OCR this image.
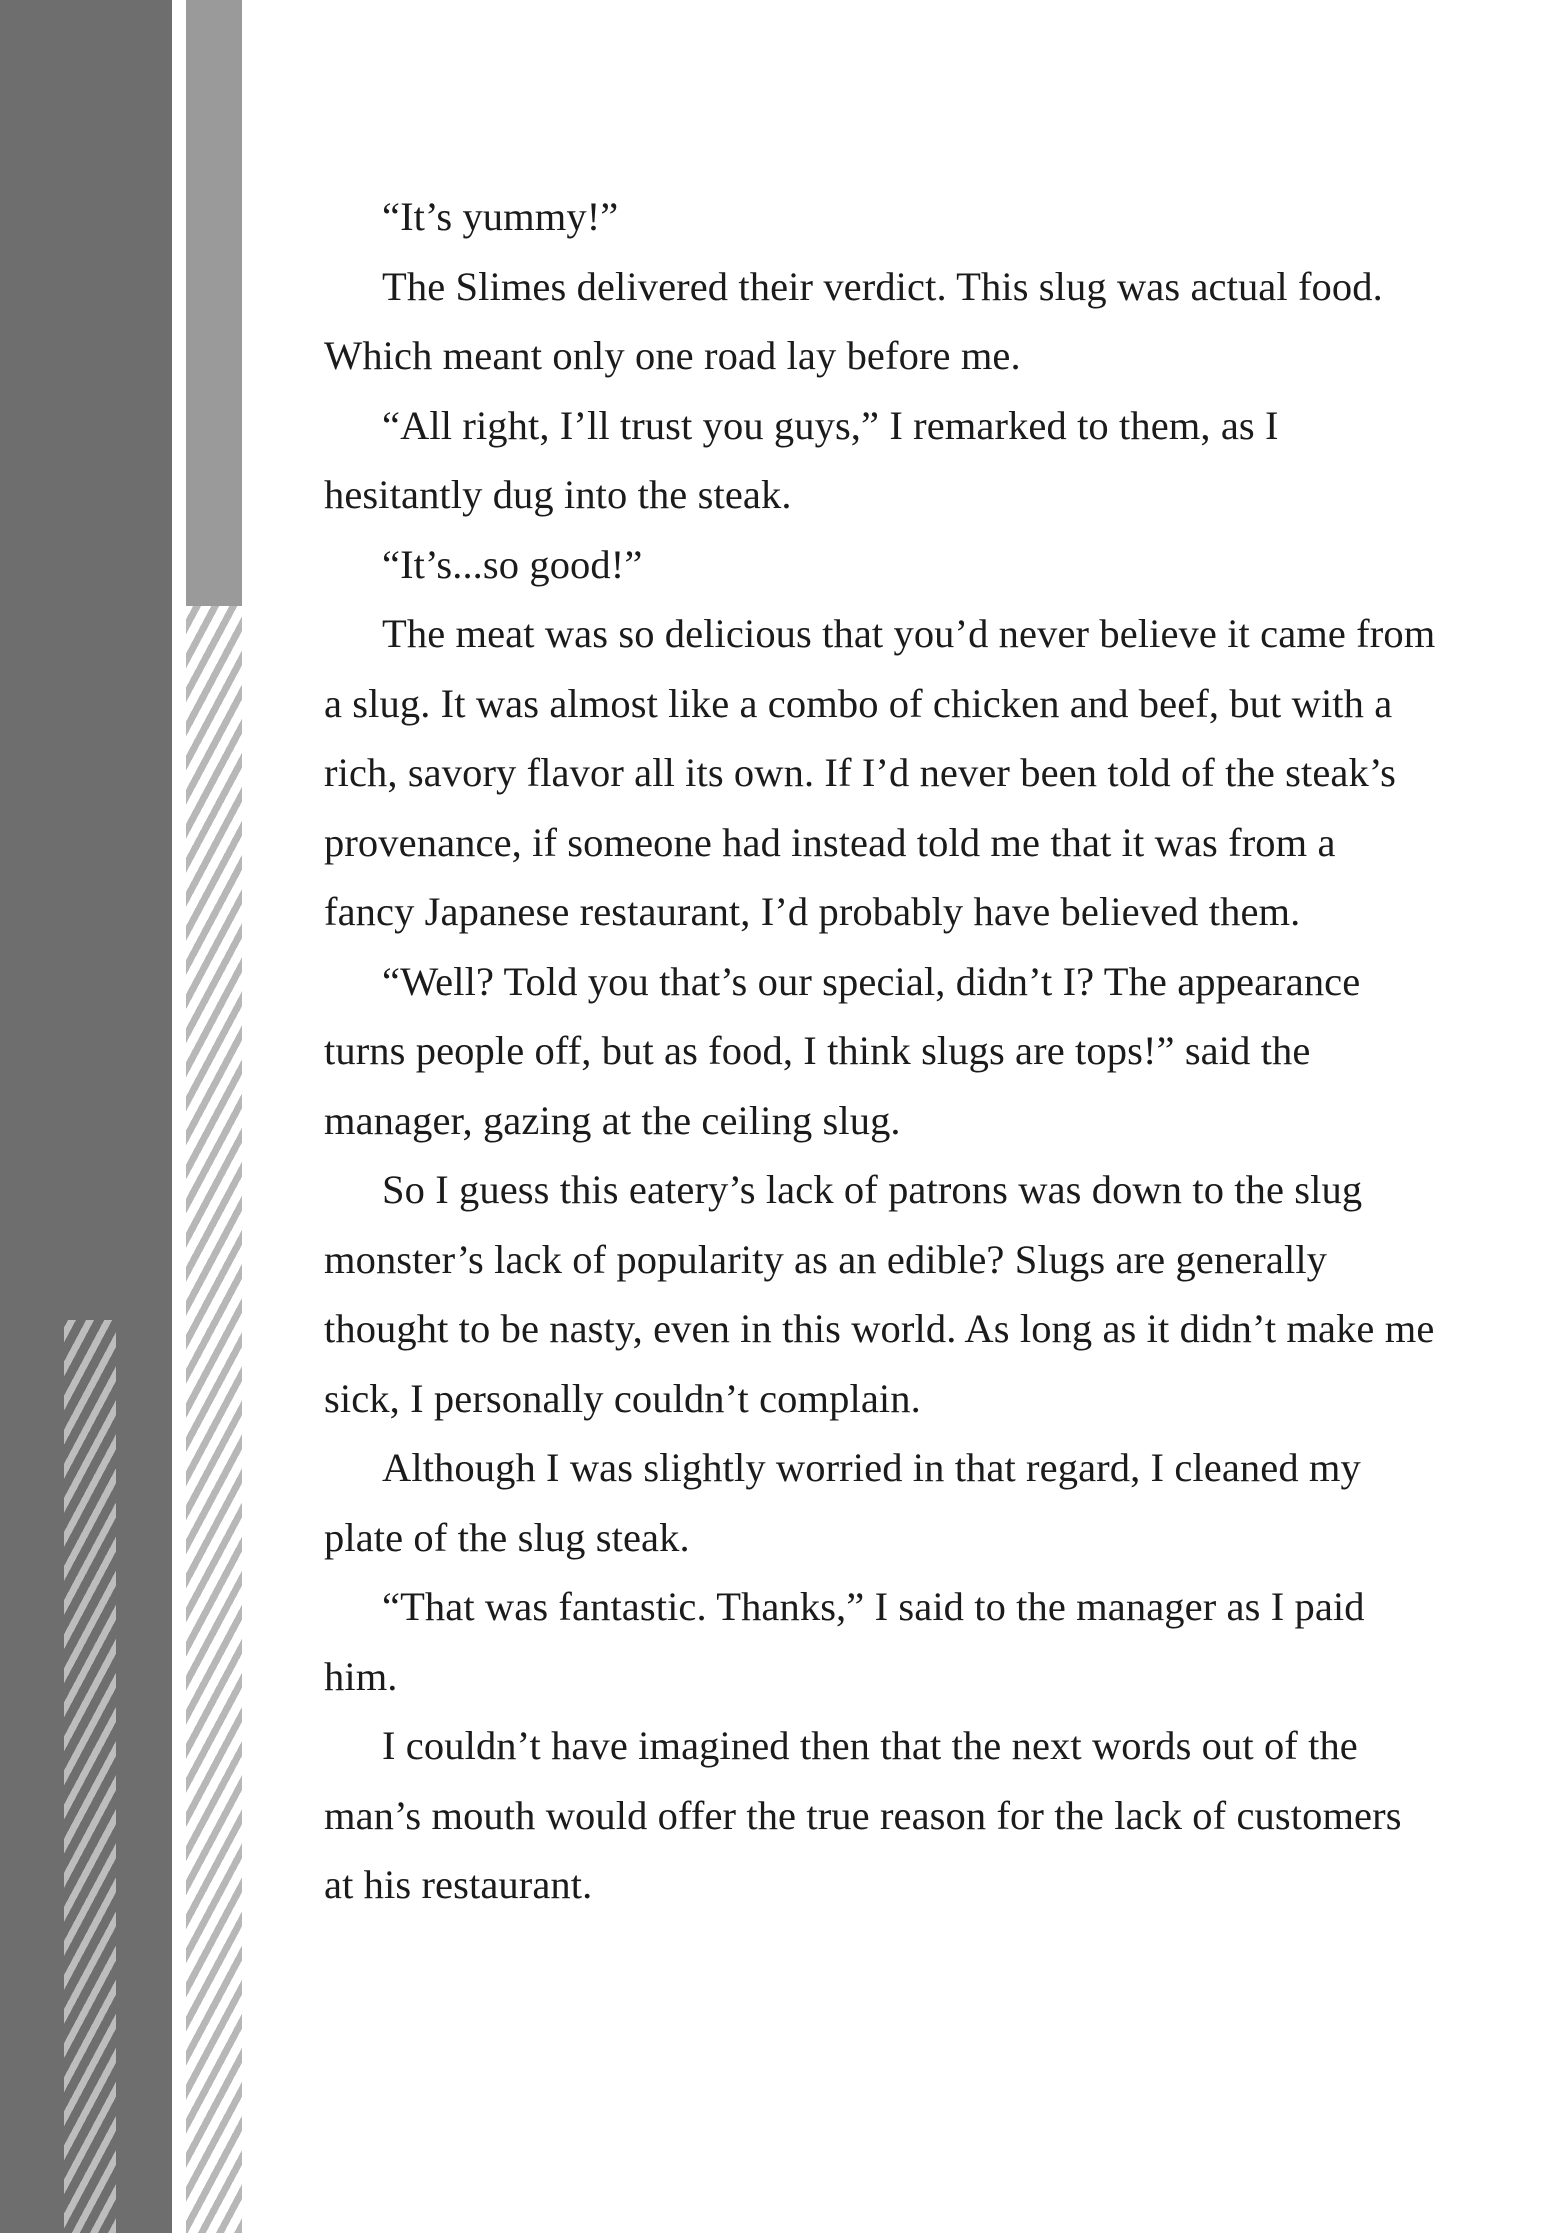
“It’s yummy!”

The Slimes delivered their verdict. This slug was actual food. Which meant only one road lay before me.

“All right, I’ll trust you guys,” I remarked to them, as I hesitantly dug into the steak.

“It’s...so good!”

The meat was so delicious that you’d never believe it came from a slug. It was almost like a combo of chicken and beef, but with a rich, savory flavor all its own. If I’d never been told of the steak’s provenance, if someone had instead told me that it was from a fancy Japanese restaurant, I’d probably have believed them.

“Well? Told you that’s our special, didn’t I? The appearance turns people off, but as food, I think slugs are tops!” said the manager, gazing at the ceiling slug.

So I guess this eatery’s lack of patrons was down to the slug monster’s lack of popularity as an edible? Slugs are generally thought to be nasty, even in this world. As long as it didn’t make me sick, I personally couldn’t complain.

Although I was slightly worried in that regard, I cleaned my plate of the slug steak.

“That was fantastic. Thanks,” I said to the manager as I paid him.

I couldn’t have imagined then that the next words out of the man’s mouth would offer the true reason for the lack of customers at his restaurant.
